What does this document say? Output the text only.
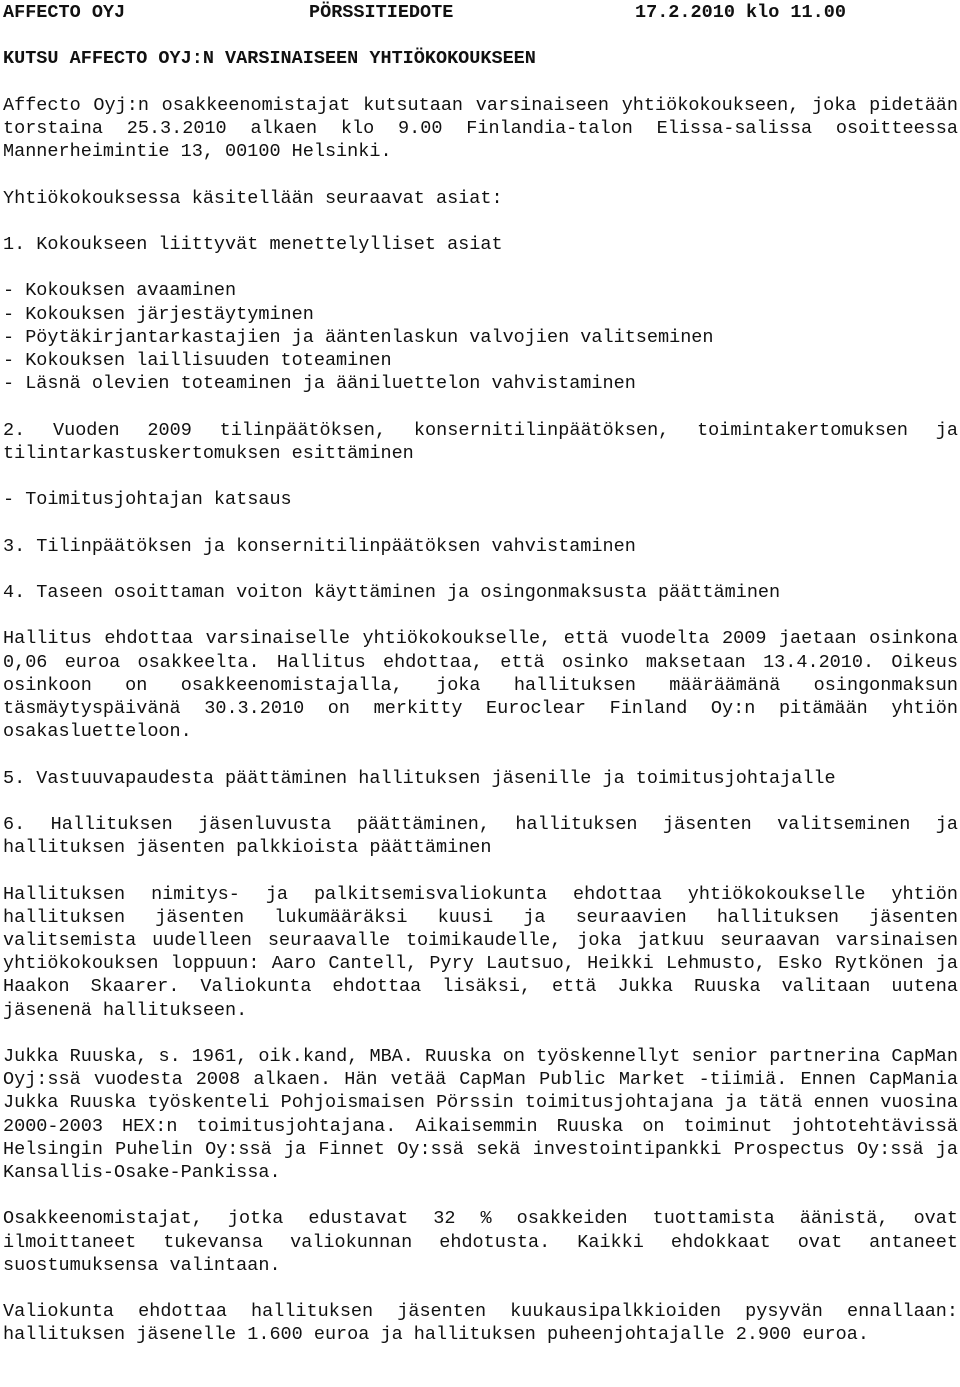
AFFECTO OYJ	PÖRSSITIEDOTE	17.2.2010 klo 11.00
KUTSU AFFECTO OYJ:N VARSINAISEEN YHTIÖKOKOUKSEEN

Affecto Oyj:n osakkeenomistajat kutsutaan varsinaiseen yhtiökokoukseen, joka pidetään torstaina 25.3.2010 alkaen klo 9.00 Finlandia-talon Elissa-salissa osoitteessa Mannerheimintie 13, 00100 Helsinki.

Yhtiökokouksessa käsitellään seuraavat asiat:

1. Kokoukseen liittyvät menettelylliset asiat

- Kokouksen avaaminen
- Kokouksen järjestäytyminen
- Pöytäkirjantarkastajien ja ääntenlaskun valvojien valitseminen
- Kokouksen laillisuuden toteaminen
- Läsnä olevien toteaminen ja ääniluettelon vahvistaminen

2. Vuoden 2009 tilinpäätöksen, konsernitilinpäätöksen, toimintakertomuksen ja tilintarkastuskertomuksen esittäminen

- Toimitusjohtajan katsaus

3. Tilinpäätöksen ja konsernitilinpäätöksen vahvistaminen

4. Taseen osoittaman voiton käyttäminen ja osingonmaksusta päättäminen

Hallitus ehdottaa varsinaiselle yhtiökokoukselle, että vuodelta 2009 jaetaan osinkona 0,06 euroa osakkeelta. Hallitus ehdottaa, että osinko maksetaan 13.4.2010. Oikeus osinkoon on osakkeenomistajalla, joka hallituksen määräämänä osingonmaksun täsmäytyspäivänä 30.3.2010 on merkitty Euroclear Finland Oy:n pitämään yhtiön osakasluetteloon.

5. Vastuuvapaudesta päättäminen hallituksen jäsenille ja toimitusjohtajalle

6. Hallituksen jäsenluvusta päättäminen, hallituksen jäsenten valitseminen ja hallituksen jäsenten palkkioista päättäminen

Hallituksen nimitys- ja palkitsemisvaliokunta ehdottaa yhtiökokoukselle yhtiön hallituksen jäsenten lukumääräksi kuusi ja seuraavien hallituksen jäsenten valitsemista uudelleen seuraavalle toimikaudelle, joka jatkuu seuraavan varsinaisen yhtiökokouksen loppuun: Aaro Cantell, Pyry Lautsuo, Heikki Lehmusto, Esko Rytkönen ja Haakon Skaarer. Valiokunta ehdottaa lisäksi, että Jukka Ruuska valitaan uutena jäsenenä hallitukseen.

Jukka Ruuska, s. 1961, oik.kand, MBA. Ruuska on työskennellyt senior partnerina CapMan Oyj:ssä vuodesta 2008 alkaen. Hän vetää CapMan Public Market -tiimiä. Ennen CapMania Jukka Ruuska työskenteli Pohjoismaisen Pörssin toimitusjohtajana ja tätä ennen vuosina 2000-2003 HEX:n toimitusjohtajana. Aikaisemmin Ruuska on toiminut johtotehtävissä Helsingin Puhelin Oy:ssä ja Finnet Oy:ssä sekä investointipankki Prospectus Oy:ssä ja Kansallis-Osake-Pankissa.

Osakkeenomistajat, jotka edustavat 32 % osakkeiden tuottamista äänistä, ovat ilmoittaneet tukevansa valiokunnan ehdotusta. Kaikki ehdokkaat ovat antaneet suostumuksensa valintaan.

Valiokunta ehdottaa hallituksen jäsenten kuukausipalkkioiden pysyvän ennallaan: hallituksen jäsenelle 1.600 euroa ja hallituksen puheenjohtajalle 2.900 euroa.
